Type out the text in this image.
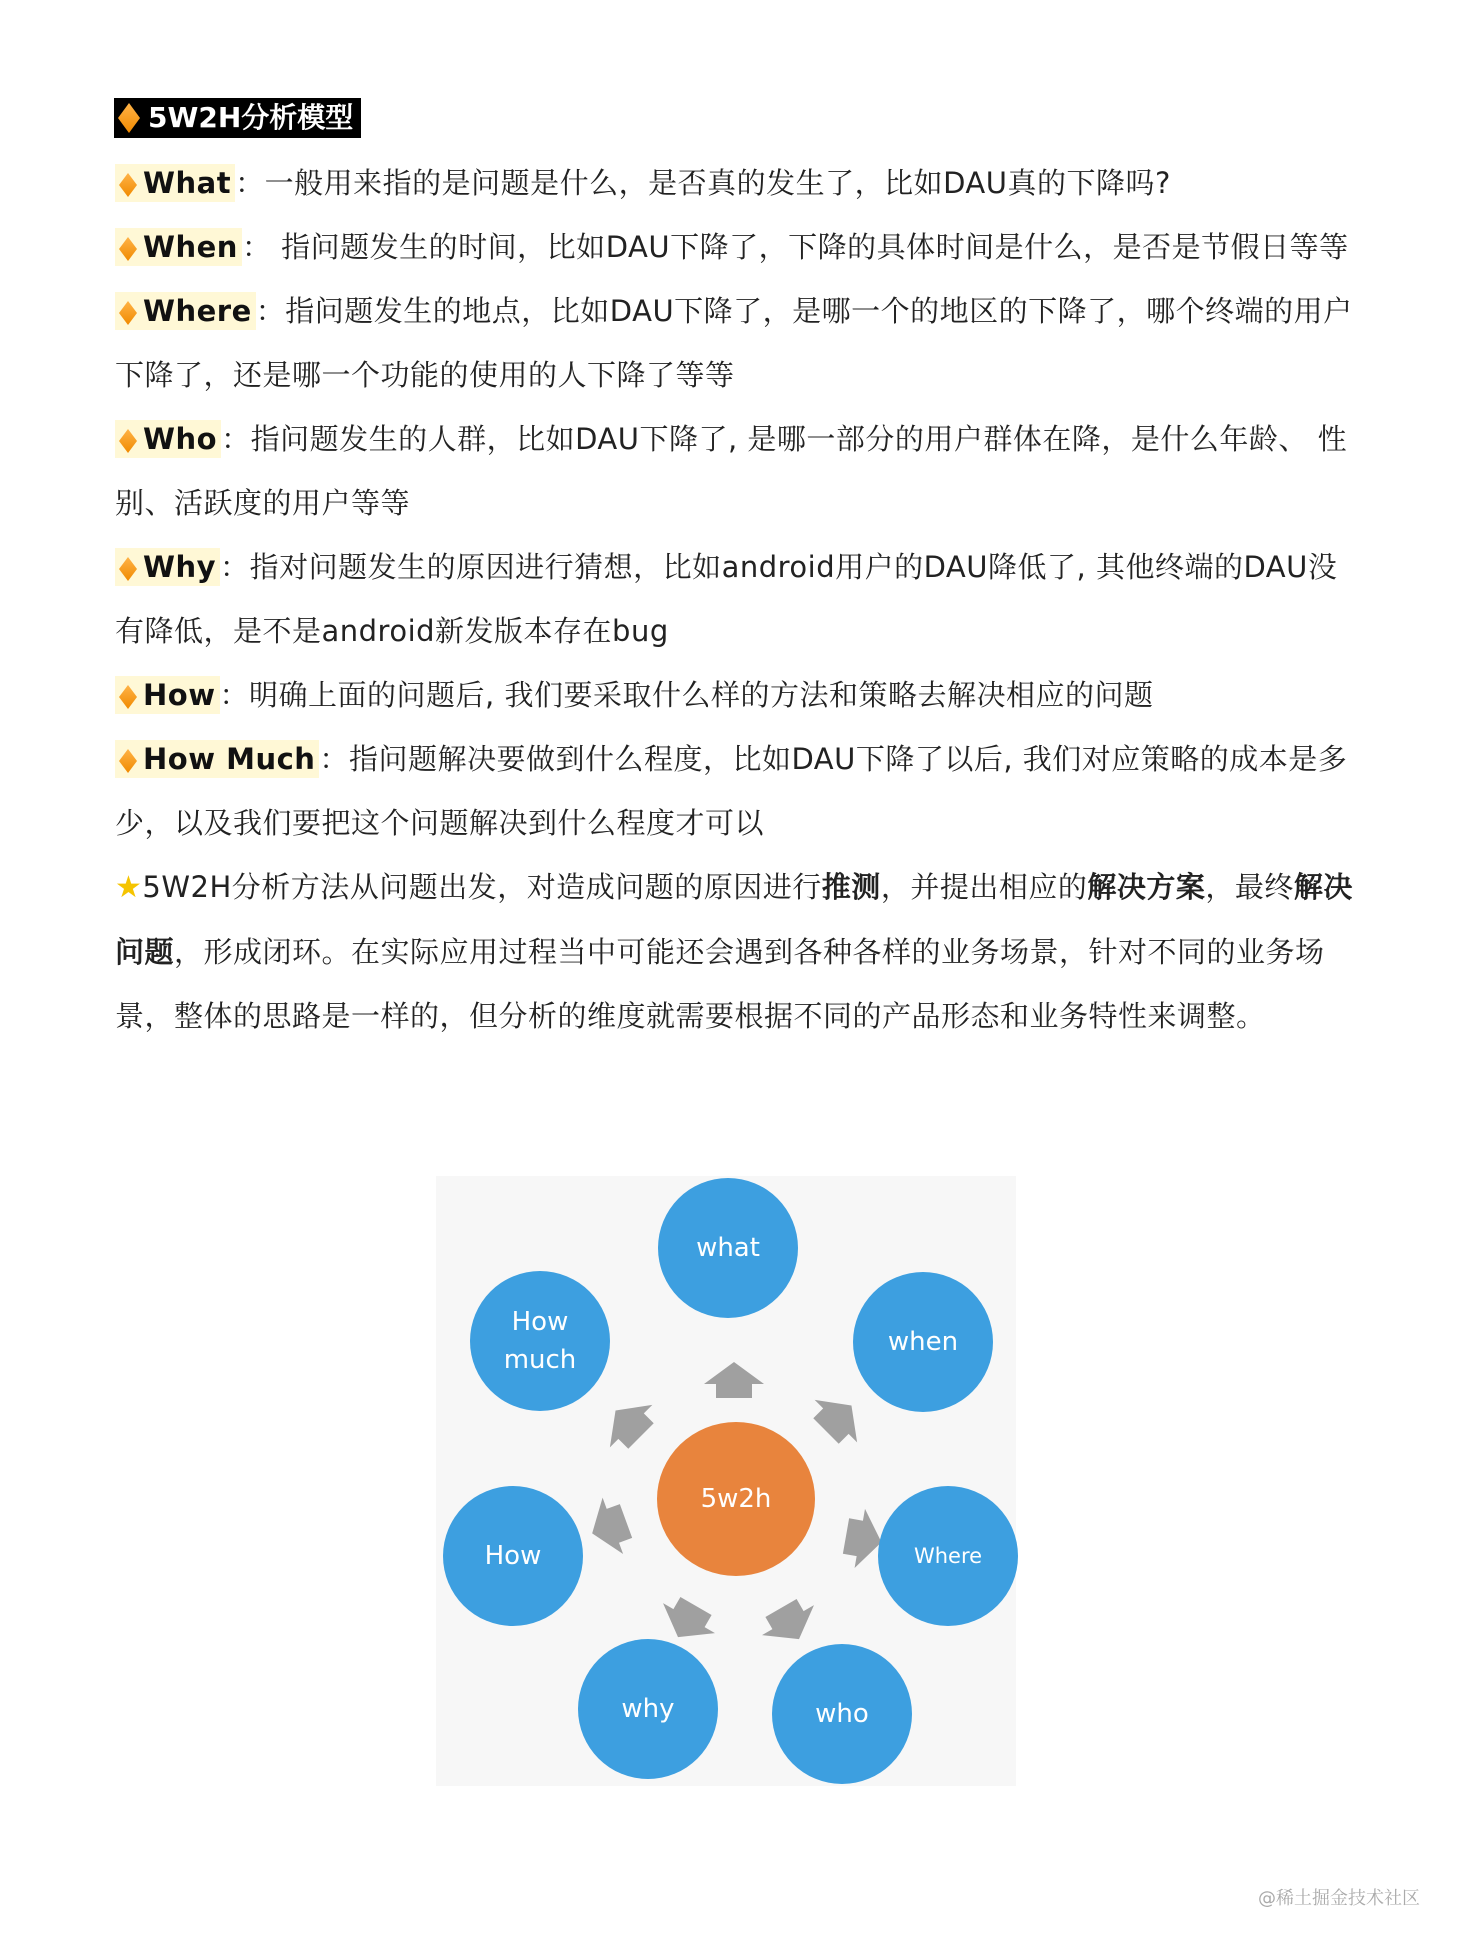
5W2H分析模型

What ：一般用来指的是问题是什么，是否真的发生了，比如DAU真的下降吗?

When ： 指问题发生的时间，比如DAU下降了，下降的具体时间是什么，是否是节假日等等

Where ：指问题发生的地点，比如DAU下降了，是哪一个的地区的下降了，哪个终端的用户下降了，还是哪一个功能的使用的人下降了等等

Who ：指问题发生的人群，比如DAU下降了, 是哪一部分的用户群体在降，是什么年龄、 性别、活跃度的用户等等

Why ：指对问题发生的原因进行猜想，比如android用户的DAU降低了, 其他终端的DAU没有降低，是不是android新发版本存在bug

How ：明确上面的问题后, 我们要采取什么样的方法和策略去解决相应的问题

How Much ：指问题解决要做到什么程度，比如DAU下降了以后, 我们对应策略的成本是多少，以及我们要把这个问题解决到什么程度才可以

★5W2H分析方法从问题出发，对造成问题的原因进行推测，并提出相应的解决方案，最终解决问题，形成闭环。在实际应用过程当中可能还会遇到各种各样的业务场景，针对不同的业务场景，整体的思路是一样的，但分析的维度就需要根据不同的产品形态和业务特性来调整。

5w2h
what
when
Where
who
why
How
How much
@稀土掘金技术社区
